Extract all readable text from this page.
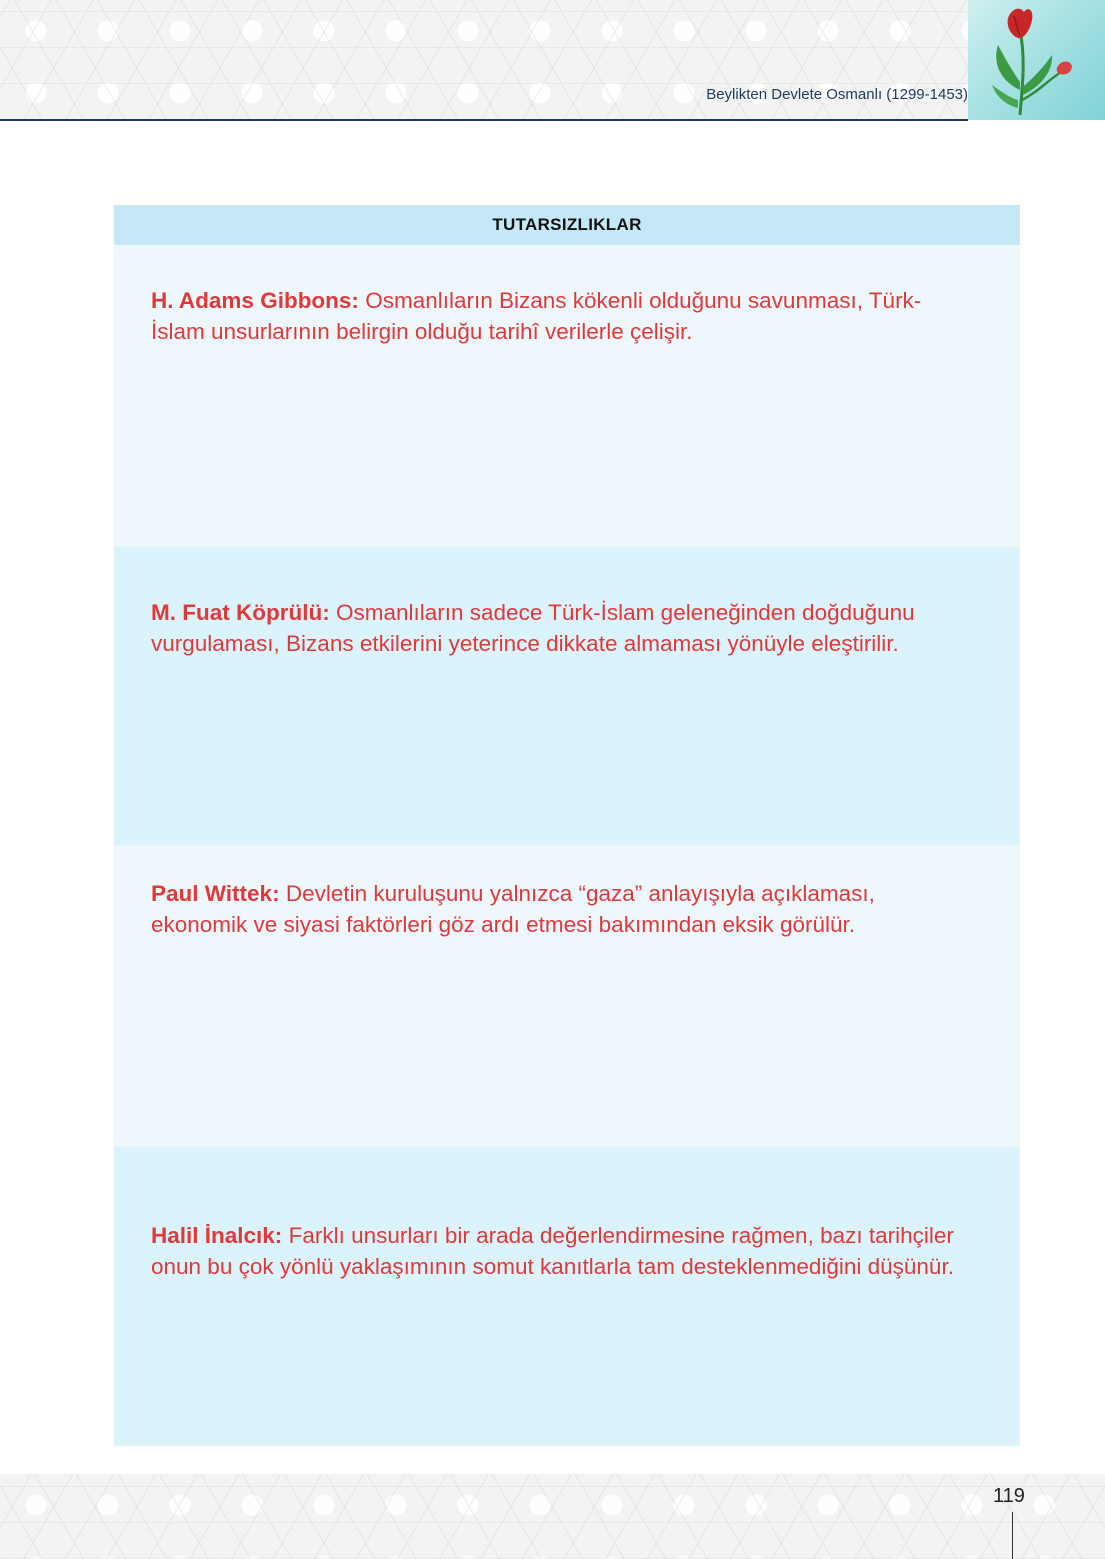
Beylikten Devlete Osmanlı (1299-1453)
TUTARSIZLIKLAR
H. Adams Gibbons: Osmanlıların Bizans kökenli olduğunu savunması, Türk-İslam unsurlarının belirgin olduğu tarihî verilerle çelişir.
M. Fuat Köprülü: Osmanlıların sadece Türk-İslam geleneğinden doğduğunu vurgulaması, Bizans etkilerini yeterince dikkate almaması yönüyle eleştirilir.
Paul Wittek: Devletin kuruluşunu yalnızca “gaza” anlayışıyla açıklaması, ekonomik ve siyasi faktörleri göz ardı etmesi bakımından eksik görülür.
Halil İnalcık: Farklı unsurları bir arada değerlendirmesine rağmen, bazı tarihçiler onun bu çok yönlü yaklaşımının somut kanıtlarla tam desteklenmediğini düşünür.
119
